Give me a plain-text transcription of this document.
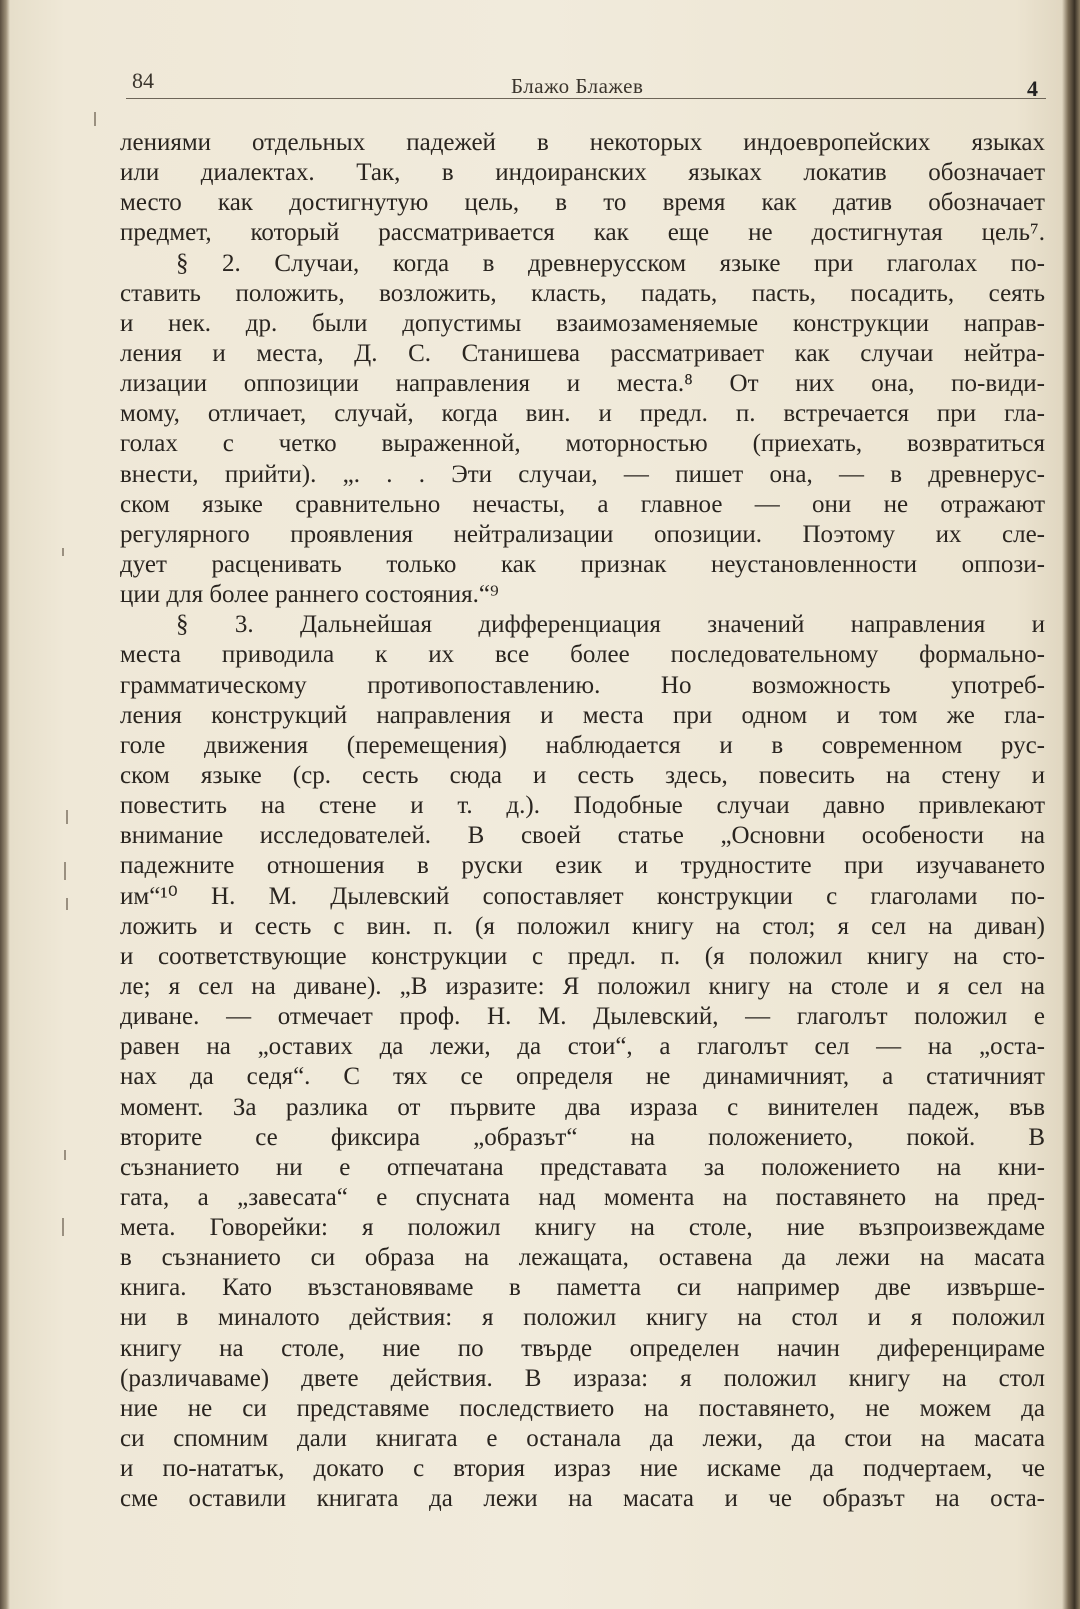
84	Блажо Блажев	4
лениями отдельных падежей в некоторых индоевропейских языках
или диалектах. Так, в индоиранских языках локатив обозначает
место как достигнутую цель, в то время как датив обозначает
предмет, который рассматривается как еще не достигнутая цель⁷.
§ 2. Случаи, когда в древнерусском языке при глаголах по-
ставить положить, возложить, класть, падать, пасть, посадить, сеять
и нек. др. были допустимы взаимозаменяемые конструкции направ-
ления и места, Д. С. Станишева рассматривает как случаи нейтра-
лизации оппозиции направления и места.⁸ От них она, по-види-
мому, отличает, случай, когда вин. и предл. п. встречается при гла-
голах с четко выраженной, моторностью (приехать, возвратиться
внести, прийти). „. . . Эти случаи, — пишет она, — в древнерус-
ском языке сравнительно нечасты, а главное — они не отражают
регулярного проявления нейтрализации опозиции. Поэтому их сле-
дует расценивать только как признак неустановленности оппози-
ции для более раннего состояния.“⁹
§ 3. Дальнейшая дифференциация значений направления и
места приводила к их все более последовательному формально-
грамматическому противопоставлению. Но возможность употреб-
ления конструкций направления и места при одном и том же гла-
голе движения (перемещения) наблюдается и в современном рус-
ском языке (ср. сесть сюда и сесть здесь, повесить на стену и
повестить на стене и т. д.). Подобные случаи давно привлекают
внимание исследователей. В своей статье „Основни особености на
падежните отношения в руски език и трудностите при изучаването
им“¹⁰ Н. М. Дылевский сопоставляет конструкции с глаголами по-
ложить и сесть с вин. п. (я положил книгу на стол; я сел на диван)
и соответствующие конструкции с предл. п. (я положил книгу на сто-
ле; я сел на диване). „В изразите: Я положил книгу на столе и я сел на
диване. — отмечает проф. Н. М. Дылевский, — глаголът положил е
равен на „оставих да лежи, да стои“, а глаголът сел — на „оста-
нах да седя“. С тях се определя не динамичният, а статичният
момент. За разлика от първите два израза с винителен падеж, във
вторите се фиксира „образът“ на положението, покой. В
съзнанието ни е отпечатана представата за положението на кни-
гата, а „завесата“ е спусната над момента на поставянето на пред-
мета. Говорейки: я положил книгу на столе, ние възпроизвеждаме
в съзнанието си образа на лежащата, оставена да лежи на масата
книга. Като възстановяваме в паметта си например две извърше-
ни в миналото действия: я положил книгу на стол и я положил
книгу на столе, ние по твърде определен начин диференцираме
(различаваме) двете действия. В израза: я положил книгу на стол
ние не си представяме последствието на поставянето, не можем да
си спомним дали книгата е останала да лежи, да стои на масата
и по-нататък, докато с втория израз ние искаме да подчертаем, че
сме оставили книгата да лежи на масата и че образът на оста-
